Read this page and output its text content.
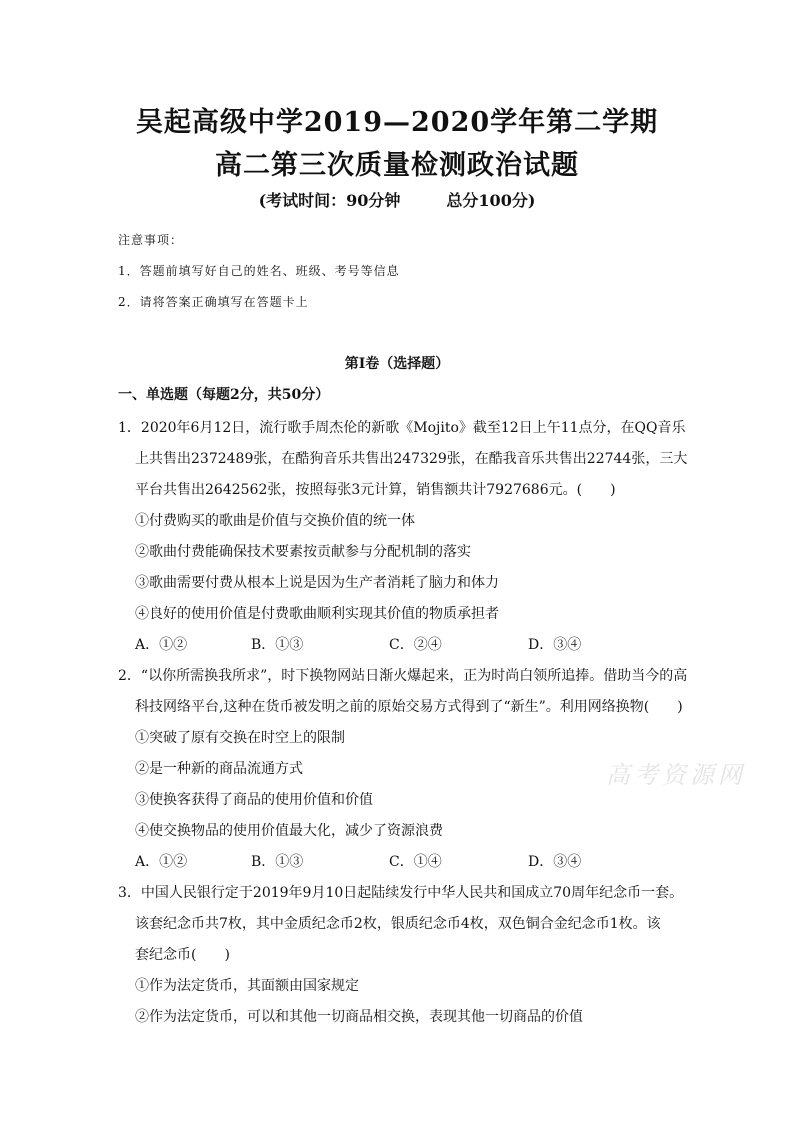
吴起高级中学2019—2020学年第二学期
高二第三次质量检测政治试题
(考试时间：90分钟	总分100分)
注意事项：
1．答题前填写好自己的姓名、班级、考号等信息
2．请将答案正确填写在答题卡上
第I卷（选择题）
一、单选题（每题2分，共50分）
1．2020年6月12日，流行歌手周杰伦的新歌《Mojito》截至12日上午11点分，在QQ音乐
上共售出2372489张，在酷狗音乐共售出247329张，在酷我音乐共售出22744张，三大
平台共售出2642562张，按照每张3元计算，销售额共计7927686元。(　　)
①付费购买的歌曲是价值与交换价值的统一体
②歌曲付费能确保技术要素按贡献参与分配机制的落实
③歌曲需要付费从根本上说是因为生产者消耗了脑力和体力
④良好的使用价值是付费歌曲顺利实现其价值的物质承担者
A．①②	B．①③	C．②④	D．③④
2．“以你所需换我所求”，时下换物网站日渐火爆起来，正为时尚白领所追捧。借助当今的高
科技网络平台,这种在货币被发明之前的原始交易方式得到了“新生”。利用网络换物(　　)
①突破了原有交换在时空上的限制
②是一种新的商品流通方式
③使换客获得了商品的使用价值和价值
④使交换物品的使用价值最大化，减少了资源浪费
A．①②	B．①③	C．①④	D．③④
3．中国人民银行定于2019年9月10日起陆续发行中华人民共和国成立70周年纪念币一套。
该套纪念币共7枚，其中金质纪念币2枚，银质纪念币4枚，双色铜合金纪念币1枚。该
套纪念币(　　)
①作为法定货币，其面额由国家规定
②作为法定货币，可以和其他一切商品相交换，表现其他一切商品的价值
高考资源网
